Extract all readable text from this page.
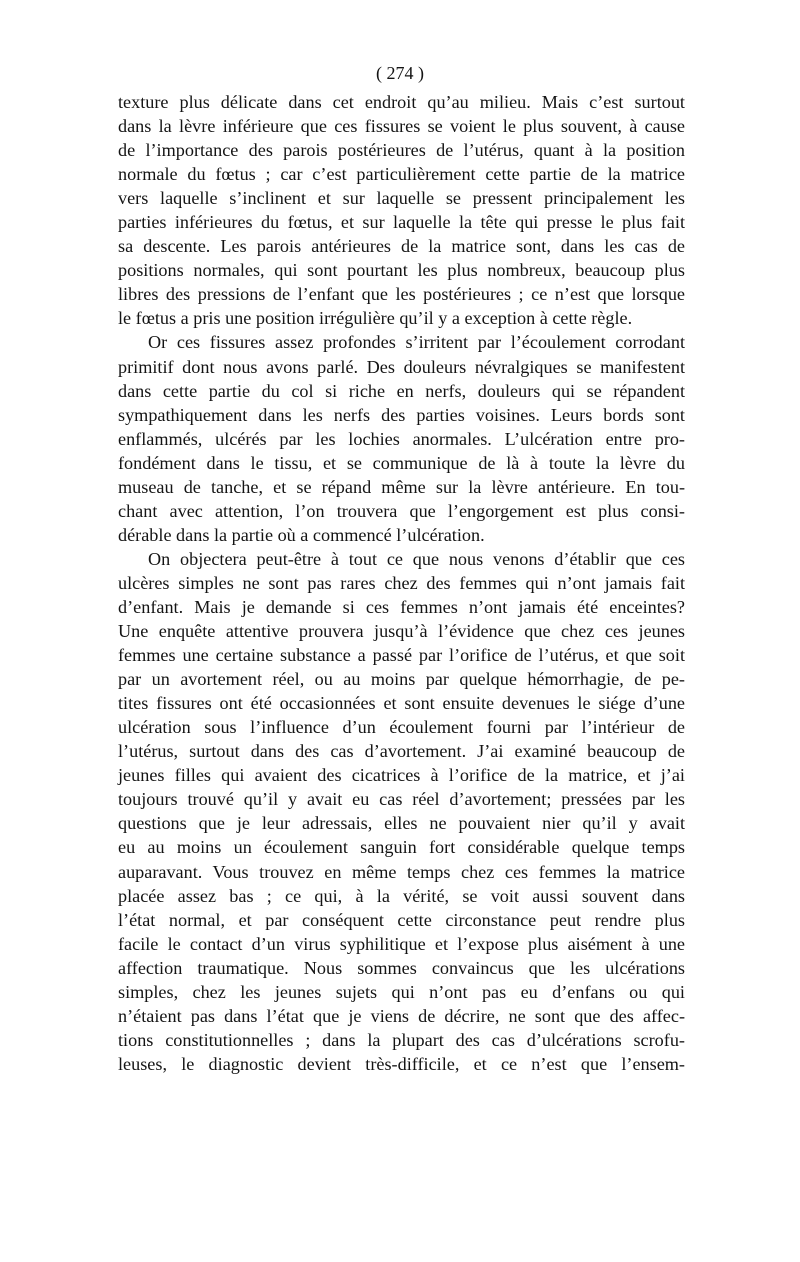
( 274 )
texture plus délicate dans cet endroit qu’au milieu. Mais c’est surtout
dans la lèvre inférieure que ces fissures se voient le plus souvent, à cause
de l’importance des parois postérieures de l’utérus, quant à la position
normale du fœtus ; car c’est particulièrement cette partie de la matrice
vers laquelle s’inclinent et sur laquelle se pressent principalement les
parties inférieures du fœtus, et sur laquelle la tête qui presse le plus fait
sa descente. Les parois antérieures de la matrice sont, dans les cas de
positions normales, qui sont pourtant les plus nombreux, beaucoup plus
libres des pressions de l’enfant que les postérieures ; ce n’est que lorsque
le fœtus a pris une position irrégulière qu’il y a exception à cette règle.
Or ces fissures assez profondes s’irritent par l’écoulement corrodant
primitif dont nous avons parlé. Des douleurs névralgiques se manifestent
dans cette partie du col si riche en nerfs, douleurs qui se répandent
sympathiquement dans les nerfs des parties voisines. Leurs bords sont
enflammés, ulcérés par les lochies anormales. L’ulcération entre pro-
fondément dans le tissu, et se communique de là à toute la lèvre du
museau de tanche, et se répand même sur la lèvre antérieure. En tou-
chant avec attention, l’on trouvera que l’engorgement est plus consi-
dérable dans la partie où a commencé l’ulcération.
On objectera peut-être à tout ce que nous venons d’établir que ces
ulcères simples ne sont pas rares chez des femmes qui n’ont jamais fait
d’enfant. Mais je demande si ces femmes n’ont jamais été enceintes?
Une enquête attentive prouvera jusqu’à l’évidence que chez ces jeunes
femmes une certaine substance a passé par l’orifice de l’utérus, et que soit
par un avortement réel, ou au moins par quelque hémorrhagie, de pe-
tites fissures ont été occasionnées et sont ensuite devenues le siége d’une
ulcération sous l’influence d’un écoulement fourni par l’intérieur de
l’utérus, surtout dans des cas d’avortement. J’ai examiné beaucoup de
jeunes filles qui avaient des cicatrices à l’orifice de la matrice, et j’ai
toujours trouvé qu’il y avait eu cas réel d’avortement; pressées par les
questions que je leur adressais, elles ne pouvaient nier qu’il y avait
eu au moins un écoulement sanguin fort considérable quelque temps
auparavant. Vous trouvez en même temps chez ces femmes la matrice
placée assez bas ; ce qui, à la vérité, se voit aussi souvent dans
l’état normal, et par conséquent cette circonstance peut rendre plus
facile le contact d’un virus syphilitique et l’expose plus aisément à une
affection traumatique. Nous sommes convaincus que les ulcérations
simples, chez les jeunes sujets qui n’ont pas eu d’enfans ou qui
n’étaient pas dans l’état que je viens de décrire, ne sont que des affec-
tions constitutionnelles ; dans la plupart des cas d’ulcérations scrofu-
leuses, le diagnostic devient très-difficile, et ce n’est que l’ensem-
